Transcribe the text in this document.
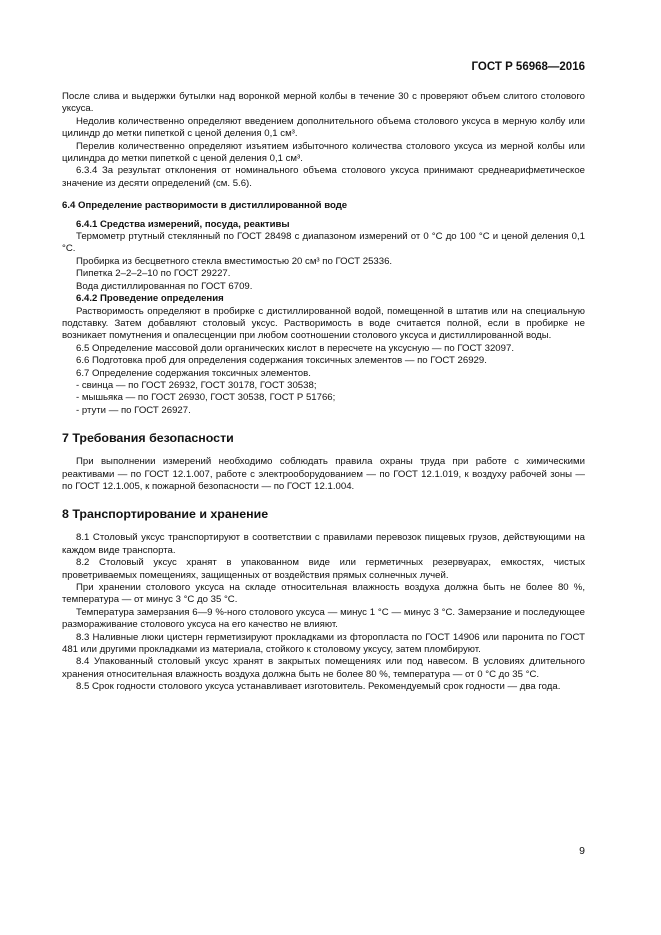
ГОСТ Р 56968—2016

После слива и выдержки бутылки над воронкой мерной колбы в течение 30 с проверяют объем слитого столового уксуса.

Недолив количественно определяют введением дополнительного объема столового уксуса в мерную колбу или цилиндр до метки пипеткой с ценой деления 0,1 см³.

Перелив количественно определяют изъятием избыточного количества столового уксуса из мерной колбы или цилиндра до метки пипеткой с ценой деления 0,1 см³.

6.3.4 За результат отклонения от номинального объема столового уксуса принимают среднеарифметическое значение из десяти определений (см. 5.6).

6.4 Определение растворимости в дистиллированной воде

6.4.1 Средства измерений, посуда, реактивы

Термометр ртутный стеклянный по ГОСТ 28498 с диапазоном измерений от 0 °С до 100 °С и ценой деления 0,1 °С.

Пробирка из бесцветного стекла вместимостью 20 см³ по ГОСТ 25336.

Пипетка 2–2–2–10 по ГОСТ 29227.

Вода дистиллированная по ГОСТ 6709.

6.4.2 Проведение определения

Растворимость определяют в пробирке с дистиллированной водой, помещенной в штатив или на специальную подставку. Затем добавляют столовый уксус. Растворимость в воде считается полной, если в пробирке не возникает помутнения и опалесценции при любом соотношении столового уксуса и дистиллированной воды.

6.5 Определение массовой доли органических кислот в пересчете на уксусную — по ГОСТ 32097.

6.6 Подготовка проб для определения содержания токсичных элементов — по ГОСТ 26929.

6.7 Определение содержания токсичных элементов.

- свинца — по ГОСТ 26932, ГОСТ 30178, ГОСТ 30538;

- мышьяка — по ГОСТ 26930, ГОСТ 30538, ГОСТ Р 51766;

- ртути — по ГОСТ 26927.

7 Требования безопасности

При выполнении измерений необходимо соблюдать правила охраны труда при работе с химическими реактивами — по ГОСТ 12.1.007, работе с электрооборудованием — по ГОСТ 12.1.019, к воздуху рабочей зоны — по ГОСТ 12.1.005, к пожарной безопасности — по ГОСТ 12.1.004.

8 Транспортирование и хранение

8.1 Столовый уксус транспортируют в соответствии с правилами перевозок пищевых грузов, действующими на каждом виде транспорта.

8.2 Столовый уксус хранят в упакованном виде или герметичных резервуарах, емкостях, чистых проветриваемых помещениях, защищенных от воздействия прямых солнечных лучей.

При хранении столового уксуса на складе относительная влажность воздуха должна быть не более 80 %, температура — от минус 3 °С до 35 °С.

Температура замерзания 6—9 %-ного столового уксуса — минус 1 °С — минус 3 °С. Замерзание и последующее размораживание столового уксуса на его качество не влияют.

8.3 Наливные люки цистерн герметизируют прокладками из фторопласта по ГОСТ 14906 или паронита по ГОСТ 481 или другими прокладками из материала, стойкого к столовому уксусу, затем пломбируют.

8.4 Упакованный столовый уксус хранят в закрытых помещениях или под навесом. В условиях длительного хранения относительная влажность воздуха должна быть не более 80 %, температура — от 0 °С до 35 °С.

8.5 Срок годности столового уксуса устанавливает изготовитель. Рекомендуемый срок годности — два года.

9
